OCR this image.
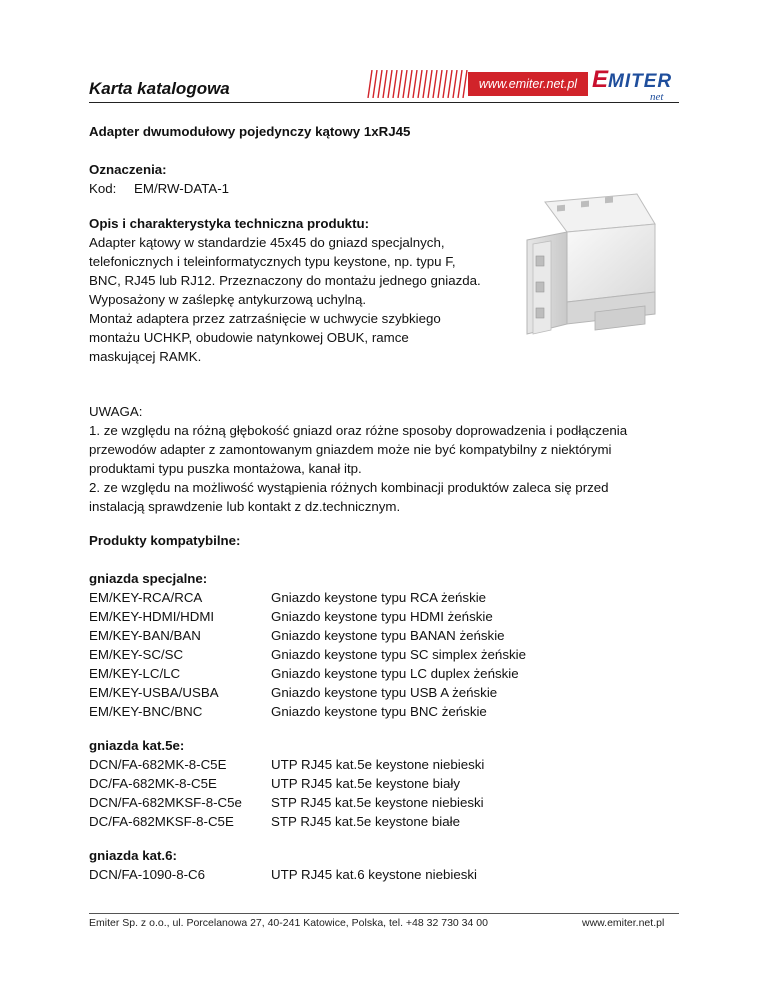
Karta katalogowa	www.emiter.net.pl EMITER
net
Adapter dwumodułowy pojedynczy kątowy 1xRJ45
Oznaczenia:
Kod: EM/RW-DATA-1
Opis i charakterystyka techniczna produktu:
Adapter kątowy w standardzie 45x45 do gniazd specjalnych,
telefonicznych i teleinformatycznych typu keystone, np. typu F,
BNC, RJ45 lub RJ12. Przeznaczony do montażu jednego gniazda.
Wyposażony w zaślepkę antykurzową uchylną.
Montaż adaptera przez zatrzaśnięcie w uchwycie szybkiego
montażu UCHKP, obudowie natynkowej OBUK, ramce
maskującej RAMK.
UWAGA:
1. ze względu na różną głębokość gniazd oraz różne sposoby doprowadzenia i podłączenia
przewodów adapter z zamontowanym gniazdem może nie być kompatybilny z niektórymi
produktami typu puszka montażowa, kanał itp.
2. ze względu na możliwość wystąpienia różnych kombinacji produktów zaleca się przed
instalacją sprawdzenie lub kontakt z dz.technicznym.
Produkty kompatybilne:
gniazda specjalne:
EM/KEY-RCA/RCA	Gniazdo keystone typu RCA żeńskie
EM/KEY-HDMI/HDMI	Gniazdo keystone typu HDMI żeńskie
EM/KEY-BAN/BAN	Gniazdo keystone typu BANAN żeńskie
EM/KEY-SC/SC	Gniazdo keystone typu SC simplex żeńskie
EM/KEY-LC/LC	Gniazdo keystone typu LC duplex żeńskie
EM/KEY-USBA/USBA	Gniazdo keystone typu USB A żeńskie
EM/KEY-BNC/BNC	Gniazdo keystone typu BNC żeńskie
gniazda kat.5e:
DCN/FA-682MK-8-C5E	UTP RJ45 kat.5e keystone niebieski
DC/FA-682MK-8-C5E	UTP RJ45 kat.5e keystone biały
DCN/FA-682MKSF-8-C5e STP RJ45 kat.5e keystone niebieski
DC/FA-682MKSF-8-C5E	STP RJ45 kat.5e keystone białe
gniazda kat.6:
DCN/FA-1090-8-C6	UTP RJ45 kat.6 keystone niebieski
Emiter Sp. z o.o., ul. Porcelanowa 27, 40-241 Katowice, Polska, tel. +48 32 730 34 00	www.emiter.net.pl
